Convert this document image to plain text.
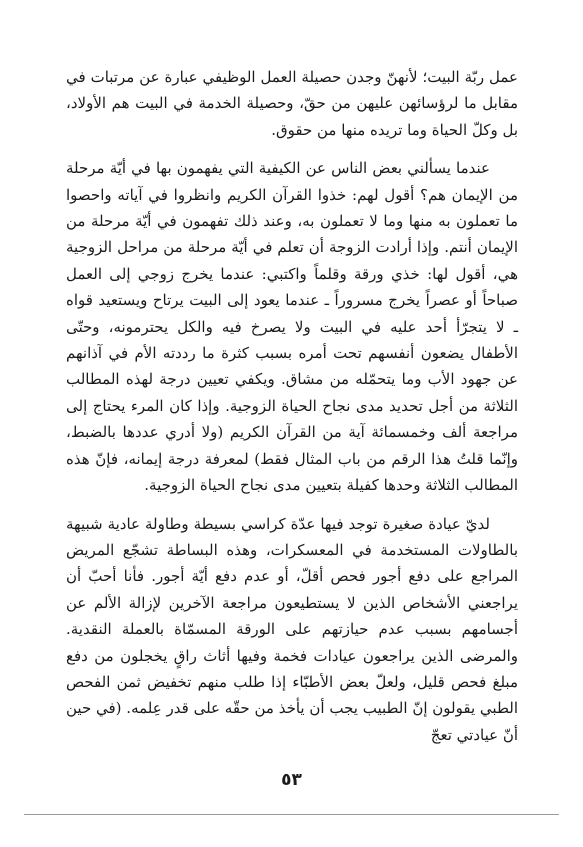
عمل ربّة البيت؛ لأنهنّ وجدن حصيلة العمل الوظيفي عبارة عن مرتبات في مقابل ما لرؤسائهن عليهن من حقّ، وحصيلة الخدمة في البيت هم الأولاد، بل وكلّ الحياة وما تريده منها من حقوق.

عندما يسألني بعض الناس عن الكيفية التي يفهمون بها في أيّة مرحلة من الإيمان هم؟ أقول لهم: خذوا القرآن الكريم وانظروا في آياته واحصوا ما تعملون به منها وما لا تعملون به، وعند ذلك تفهمون في أيّة مرحلة من الإيمان أنتم. وإذا أرادت الزوجة أن تعلم في أيّة مرحلة من مراحل الزوجية هي، أقول لها: خذي ورقة وقلماً واكتبي: عندما يخرج زوجي إلى العمل صباحاً أو عصراً يخرج مسروراً ـ عندما يعود إلى البيت يرتاح ويستعيد قواه ـ لا يتجرّأ أحد عليه في البيت ولا يصرخ فيه والكل يحترمونه، وحتّى الأطفال يضعون أنفسهم تحت أمره بسبب كثرة ما رددته الأم في آذانهم عن جهود الأب وما يتحمّله من مشاق. ويكفي تعيين درجة لهذه المطالب الثلاثة من أجل تحديد مدى نجاح الحياة الزوجية. وإذا كان المرء يحتاج إلى مراجعة ألف وخمسمائة آية من القرآن الكريم (ولا أدري عددها بالضبط، وإنّما قلتُ هذا الرقم من باب المثال فقط) لمعرفة درجة إيمانه، فإنّ هذه المطالب الثلاثة وحدها كفيلة بتعيين مدى نجاح الحياة الزوجية.

لديّ عيادة صغيرة توجد فيها عدّة كراسي بسيطة وطاولة عادية شبيهة بالطاولات المستخدمة في المعسكرات، وهذه البساطة تشجّع المريض المراجع على دفع أجور فحص أقلّ، أو عدم دفع أيّة أجور. فأنا أحبّ أن يراجعني الأشخاص الذين لا يستطيعون مراجعة الآخرين لإزالة الألم عن أجسامهم بسبب عدم حيازتهم على الورقة المسمّاة بالعملة النقدية. والمرضى الذين يراجعون عيادات فخمة وفيها أثاث راقٍ يخجلون من دفع مبلغ فحص قليل، ولعلّ بعض الأطبّاء إذا طلب منهم تخفيض ثمن الفحص الطبي يقولون إنّ الطبيب يجب أن يأخذ من حقّه على قدر عِلمه. (في حين أنّ عيادتي تعجّ

٥٣
